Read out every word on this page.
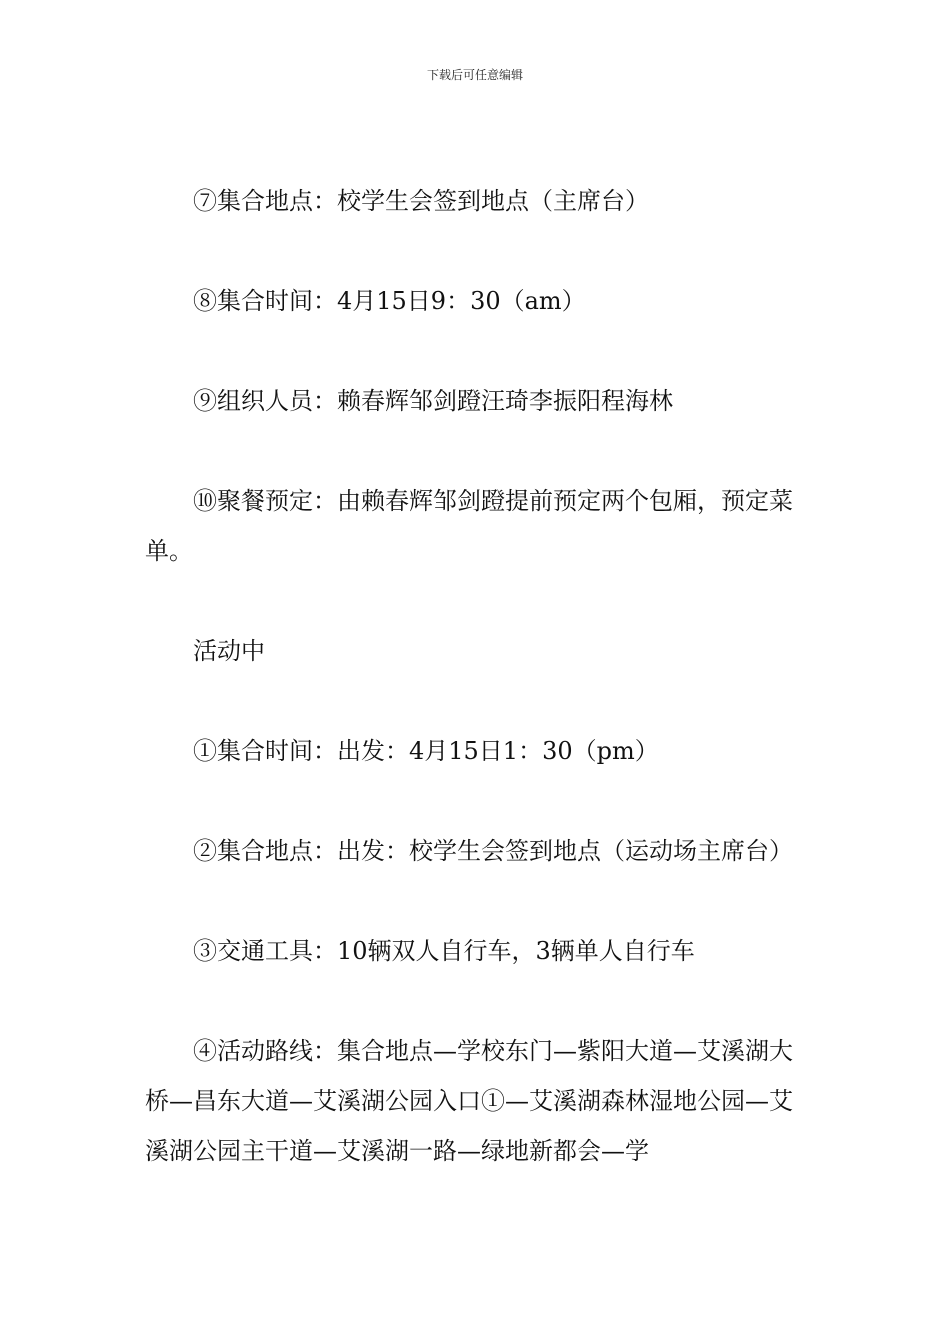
下载后可任意编辑

⑦集合地点：校学生会签到地点（主席台）

⑧集合时间：4月15日9：30（am）

⑨组织人员：赖春辉邹剑蹬汪琦李振阳程海林

⑩聚餐预定：由赖春辉邹剑蹬提前预定两个包厢，预定菜单。

活动中

①集合时间：出发：4月15日1：30（pm）

②集合地点：出发：校学生会签到地点（运动场主席台）

③交通工具：10辆双人自行车，3辆单人自行车

④活动路线：集合地点—学校东门—紫阳大道—艾溪湖大桥—昌东大道—艾溪湖公园入口①—艾溪湖森林湿地公园—艾溪湖公园主干道—艾溪湖一路—绿地新都会—学
